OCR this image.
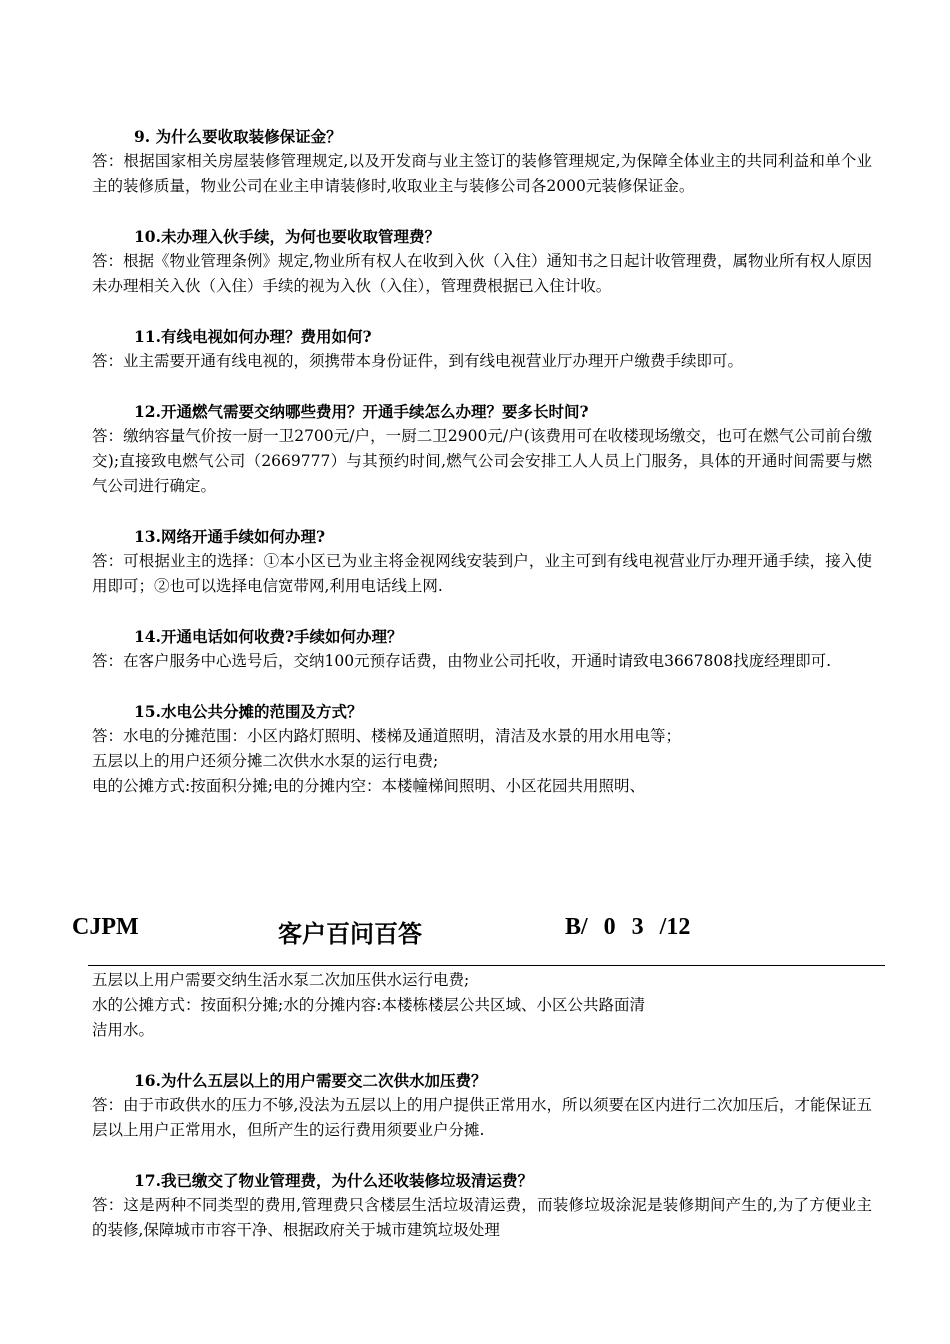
9. 为什么要收取装修保证金？
答：根据国家相关房屋装修管理规定,以及开发商与业主签订的装修管理规定,为保障全体业主的共同利益和单个业主的装修质量，物业公司在业主申请装修时,收取业主与装修公司各2000元装修保证金。
10.未办理入伙手续，为何也要收取管理费？
答：根据《物业管理条例》规定,物业所有权人在收到入伙（入住）通知书之日起计收管理费，属物业所有权人原因未办理相关入伙（入住）手续的视为入伙（入住），管理费根据已入住计收。
11.有线电视如何办理？费用如何?
答：业主需要开通有线电视的，须携带本身份证件，到有线电视营业厅办理开户缴费手续即可。
12.开通燃气需要交纳哪些费用？开通手续怎么办理？要多长时间?
答：缴纳容量气价按一厨一卫2700元/户，一厨二卫2900元/户(该费用可在收楼现场缴交，也可在燃气公司前台缴交);直接致电燃气公司（2669777）与其预约时间,燃气公司会安排工人人员上门服务，具体的开通时间需要与燃气公司进行确定。
13.网络开通手续如何办理?
答：可根据业主的选择：①本小区已为业主将金视网线安装到户，业主可到有线电视营业厅办理开通手续，接入使用即可；②也可以选择电信宽带网,利用电话线上网.
14.开通电话如何收费?手续如何办理？
答：在客户服务中心选号后，交纳100元预存话费，由物业公司托收，开通时请致电3667808找庞经理即可.
15.水电公共分摊的范围及方式？
答：水电的分摊范围：小区内路灯照明、楼梯及通道照明，清洁及水景的用水用电等；
五层以上的用户还须分摊二次供水水泵的运行电费;
电的公摊方式:按面积分摊;电的分摊内空：本楼幢梯间照明、小区花园共用照明、
CJPM	客户百问百答	B/ 0 3 /12
五层以上用户需要交纳生活水泵二次加压供水运行电费;
水的公摊方式：按面积分摊;水的分摊内容:本楼栋楼层公共区域、小区公共路面清
洁用水。
16.为什么五层以上的用户需要交二次供水加压费？
答：由于市政供水的压力不够,没法为五层以上的用户提供正常用水，所以须要在区内进行二次加压后，才能保证五层以上用户正常用水，但所产生的运行费用须要业户分摊.
17.我已缴交了物业管理费，为什么还收装修垃圾清运费？
答：这是两种不同类型的费用,管理费只含楼层生活垃圾清运费，而装修垃圾涂泥是装修期间产生的,为了方便业主的装修,保障城市市容干净、根据政府关于城市建筑垃圾处理
